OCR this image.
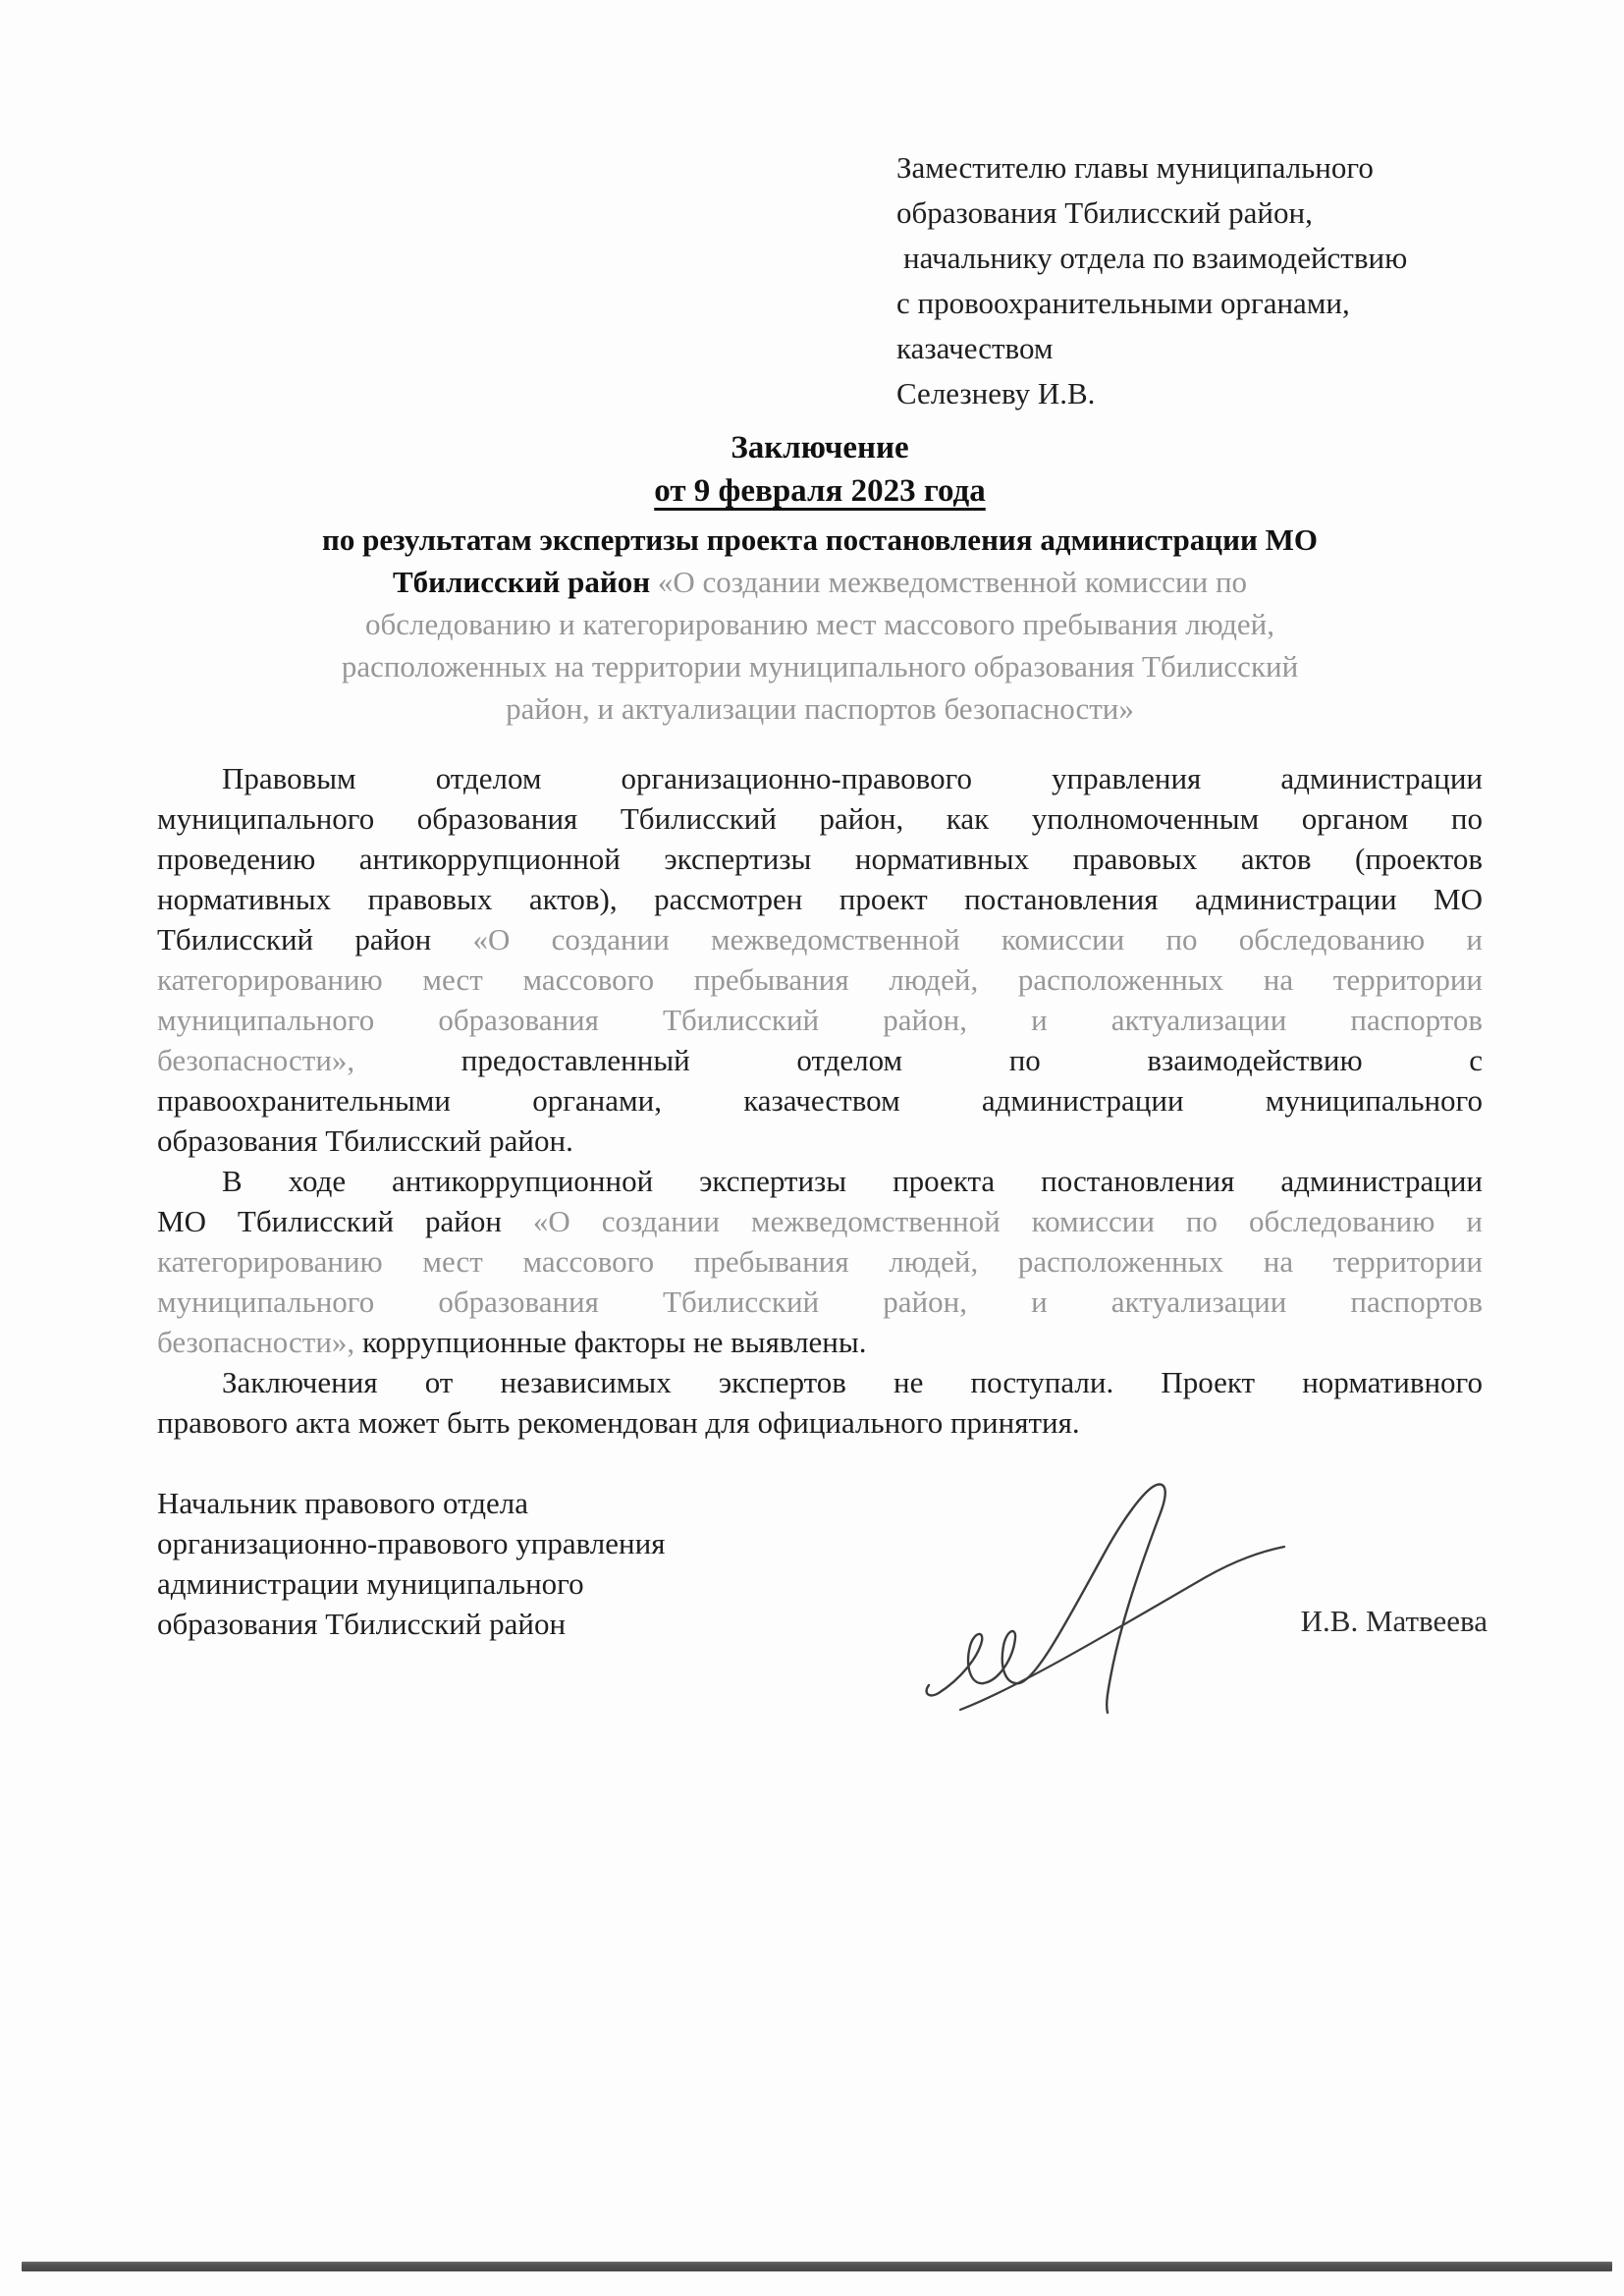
Заместителю главы муниципального
образования Тбилисский район,
начальнику отдела по взаимодействию
с провоохранительными органами,
казачеством
Селезневу И.В.
Заключение
от 9 февраля 2023 года
по результатам экспертизы проекта постановления администрации МО
Тбилисский район «О создании межведомственной комиссии по
обследованию и категорированию мест массового пребывания людей,
расположенных на территории муниципального образования Тбилисский
район, и актуализации паспортов безопасности»
Правовым отделом организационно-правового управления администрации
муниципального образования Тбилисский район, как уполномоченным органом по
проведению антикоррупционной экспертизы нормативных правовых актов (проектов
нормативных правовых актов), рассмотрен проект постановления администрации МО
Тбилисский район «О создании межведомственной комиссии по обследованию и
категорированию мест массового пребывания людей, расположенных на территории
муниципального образования Тбилисский район, и актуализации паспортов
безопасности», предоставленный отделом по взаимодействию с
правоохранительными органами, казачеством администрации муниципального
образования Тбилисский район.
В ходе антикоррупционной экспертизы проекта постановления администрации
МО Тбилисский район «О создании межведомственной комиссии по обследованию и
категорированию мест массового пребывания людей, расположенных на территории
муниципального образования Тбилисский район, и актуализации паспортов
безопасности», коррупционные факторы не выявлены.
Заключения от независимых экспертов не поступали. Проект нормативного
правового акта может быть рекомендован для официального принятия.
Начальник правового отдела
организационно-правового управления
администрации муниципального
образования Тбилисский район	И.В. Матвеева
